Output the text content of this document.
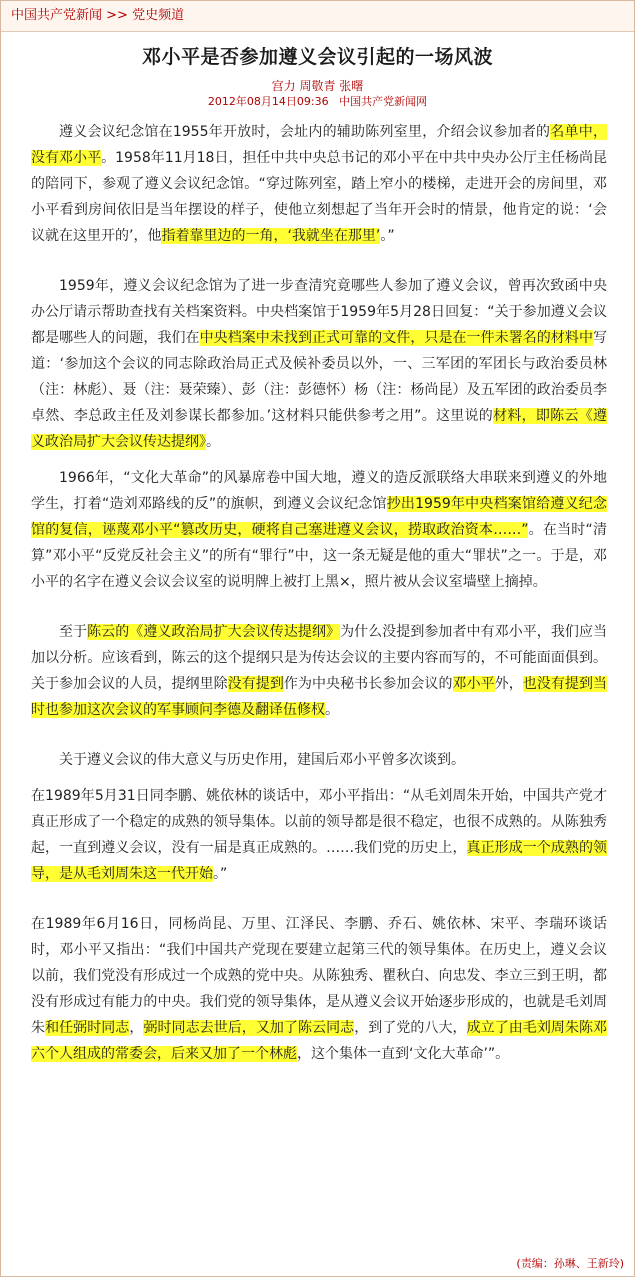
中国共产党新闻 >> 党史频道
邓小平是否参加遵义会议引起的一场风波
宫力 周敬青 张曙
2012年08月14日09:36 中国共产党新闻网

遵义会议纪念馆在1955年开放时，会址内的辅助陈列室里，介绍会议参加者的名单中，没有邓小平。1958年11月18日，担任中共中央总书记的邓小平在中共中央办公厅主任杨尚昆的陪同下，参观了遵义会议纪念馆。“穿过陈列室，踏上窄小的楼梯，走进开会的房间里，邓小平看到房间依旧是当年摆设的样子，使他立刻想起了当年开会时的情景，他肯定的说：‘会议就在这里开的’，他指着靠里边的一角，‘我就坐在那里’。”

1959年，遵义会议纪念馆为了进一步查清究竟哪些人参加了遵义会议，曾再次致函中央办公厅请示帮助查找有关档案资料。中央档案馆于1959年5月28日回复：“关于参加遵义会议都是哪些人的问题，我们在中央档案中未找到正式可靠的文件，只是在一件未署名的材料中写道：‘参加这个会议的同志除政治局正式及候补委员以外，一、三军团的军团长与政治委员林（注：林彪）、聂（注：聂荣臻）、彭（注：彭德怀）杨（注：杨尚昆）及五军团的政治委员李卓然、李总政主任及刘参谋长都参加。’这材料只能供参考之用”。这里说的材料，即陈云《遵义政治局扩大会议传达提纲》。

1966年，“文化大革命”的风暴席卷中国大地，遵义的造反派联络大串联来到遵义的外地学生，打着“造刘邓路线的反”的旗帜，到遵义会议纪念馆抄出1959年中央档案馆给遵义纪念馆的复信，诬蔑邓小平“篡改历史，硬将自己塞进遵义会议，捞取政治资本……”。在当时“清算”邓小平“反党反社会主义”的所有“罪行”中，这一条无疑是他的重大“罪状”之一。于是，邓小平的名字在遵义会议会议室的说明牌上被打上黑×，照片被从会议室墙壁上摘掉。

至于陈云的《遵义政治局扩大会议传达提纲》为什么没提到参加者中有邓小平，我们应当加以分析。应该看到，陈云的这个提纲只是为传达会议的主要内容而写的，不可能面面俱到。关于参加会议的人员，提纲里除没有提到作为中央秘书长参加会议的邓小平外，也没有提到当时也参加这次会议的军事顾问李德及翻译伍修权。

关于遵义会议的伟大意义与历史作用，建国后邓小平曾多次谈到。

在1989年5月31日同李鹏、姚依林的谈话中，邓小平指出：“从毛刘周朱开始，中国共产党才真正形成了一个稳定的成熟的领导集体。以前的领导都是很不稳定，也很不成熟的。从陈独秀起，一直到遵义会议，没有一届是真正成熟的。……我们党的历史上，真正形成一个成熟的领导，是从毛刘周朱这一代开始。”

在1989年6月16日，同杨尚昆、万里、江泽民、李鹏、乔石、姚依林、宋平、李瑞环谈话时，邓小平又指出：“我们中国共产党现在要建立起第三代的领导集体。在历史上，遵义会议以前，我们党没有形成过一个成熟的党中央。从陈独秀、瞿秋白、向忠发、李立三到王明，都没有形成过有能力的中央。我们党的领导集体，是从遵义会议开始逐步形成的，也就是毛刘周朱和任弼时同志，弼时同志去世后，又加了陈云同志，到了党的八大，成立了由毛刘周朱陈邓六个人组成的常委会，后来又加了一个林彪，这个集体一直到‘文化大革命’”。

(责编：孙琳、王新玲)
